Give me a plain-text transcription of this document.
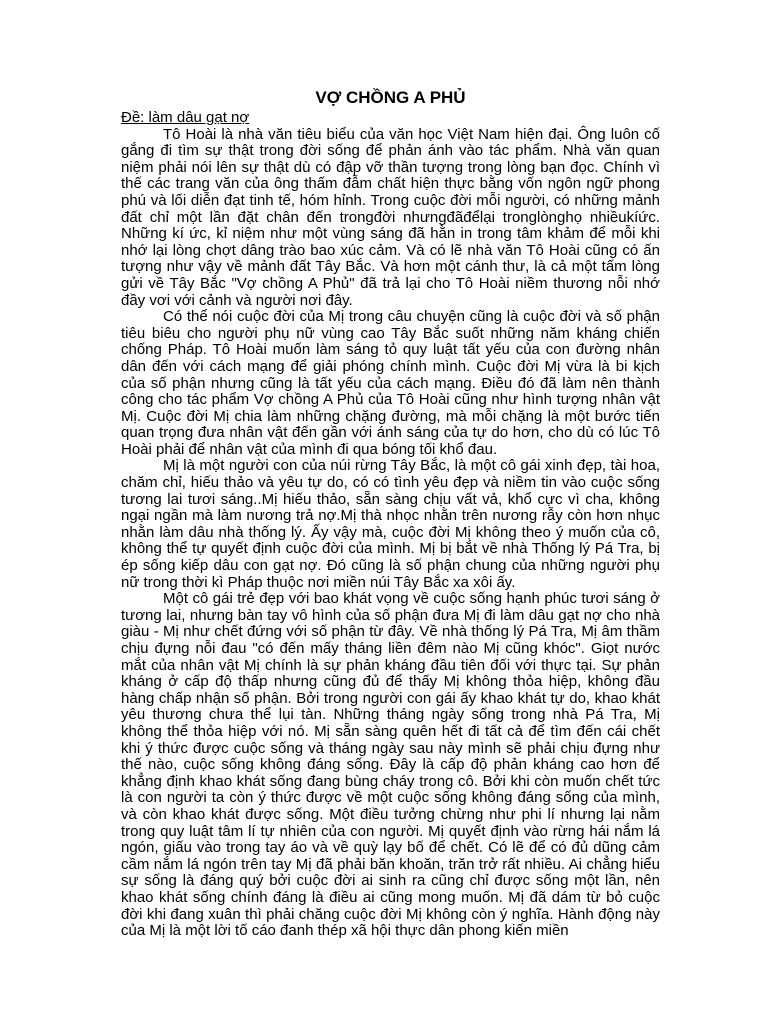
VỢ CHỒNG A PHỦ
Đề: làm dâu gạt nợ

Tô Hoài là nhà văn tiêu biểu của văn học Việt Nam hiện đại. Ông luôn cố gắng đi tìm sự thật trong đời sống để phản ánh vào tác phẩm. Nhà văn quan niệm phải nói lên sự thật dù có đập vỡ thần tượng trong lòng bạn đọc. Chính vì thế các trang văn của ông thấm đẫm chất hiện thực bằng vốn ngôn ngữ phong phú và lối diễn đạt tinh tế, hóm hỉnh. Trong cuộc đời mỗi người, có những mảnh đất chỉ một lần đặt chân đến trongđời nhưngđãđểlại tronglònghọ nhiềukíức. Những kí ức, kỉ niệm như một vùng sáng đã hằn in trong tâm khảm để mỗi khi nhớ lại lòng chợt dâng trào bao xúc cảm. Và có lẽ nhà văn Tô Hoài cũng có ấn tượng như vậy về mảnh đất Tây Bắc. Và hơn một cánh thư, là cả một tấm lòng gửi về Tây Bắc "Vợ chồng A Phủ" đã trả lại cho Tô Hoài niềm thương nỗi nhớ đầy vơi với cảnh và người nơi đây.

Có thể nói cuộc đời của Mị trong câu chuyện cũng là cuộc đời và số phận tiêu biêu cho người phụ nữ vùng cao Tây Bắc suốt những năm kháng chiến chống Pháp. Tô Hoài muốn làm sáng tỏ quy luật tất yếu của con đường nhân dân đến với cách mạng để giải phóng chính mình. Cuộc đời Mị vừa là bi kịch của số phận nhưng cũng là tất yếu của cách mạng. Điều đó đã làm nên thành công cho tác phẩm Vợ chồng A Phủ của Tô Hoài cũng như hình tượng nhân vật Mị. Cuộc đời Mị chia làm những chặng đường, mà mỗi chặng là một bước tiến quan trọng đưa nhân vật đến gần với ánh sáng của tự do hơn, cho dù có lúc Tô Hoài phải để nhân vật của mình đi qua bóng tối khổ đau.

Mị là một người con của núi rừng Tây Bắc, là một cô gái xinh đẹp, tài hoa, chăm chỉ, hiếu thảo và yêu tự do, có có tình yêu đẹp và niềm tin vào cuộc sống tương lai tươi sáng..Mị hiếu thảo, sẵn sàng chịu vất vả, khổ cực vì cha, không ngại ngần mà làm nương trả nợ.Mị thà nhọc nhằn trên nương rẫy còn hơn nhục nhằn làm dâu nhà thống lý. Ấy vậy mà, cuộc đời Mị không theo ý muốn của cô, không thể tự quyết định cuộc đời của mình. Mị bị bắt về nhà Thống lý Pá Tra, bị ép sống kiếp dâu con gạt nợ. Đó cũng là số phận chung của những người phụ nữ trong thời kì Pháp thuộc nơi miền núi Tây Bắc xa xôi ấy.

Một cô gái trẻ đẹp với bao khát vọng về cuộc sống hạnh phúc tươi sáng ở tương lai, nhưng bàn tay vô hình của số phận đưa Mị đi làm dâu gạt nợ cho nhà giàu - Mị như chết đứng với số phận từ đây. Về nhà thống lý Pá Tra, Mị âm thầm chịu đựng nỗi đau "có đến mấy tháng liền đêm nào Mị cũng khóc". Giọt nước mắt của nhân vật Mị chính là sự phản kháng đầu tiên đối với thực tại. Sự phản kháng ở cấp độ thấp nhưng cũng đủ để thấy Mị không thỏa hiệp, không đầu hàng chấp nhận số phận. Bởi trong người con gái ấy khao khát tự do, khao khát yêu thương chưa thể lụi tàn. Những tháng ngày sống trong nhà Pá Tra, Mị không thể thỏa hiệp với nó. Mị sẵn sàng quên hết đi tất cả để tìm đến cái chết khi ý thức được cuộc sống và tháng ngày sau này mình sẽ phải chịu đựng như thế nào, cuộc sống không đáng sống. Đây là cấp độ phản kháng cao hơn để khẳng định khao khát sống đang bùng cháy trong cô. Bởi khi còn muốn chết tức là con người ta còn ý thức được về một cuộc sống không đáng sống của mình, và còn khao khát được sống. Một điều tưởng chừng như phi lí nhưng lại nằm trong quy luật tâm lí tự nhiên của con người. Mị quyết định vào rừng hái nắm lá ngón, giấu vào trong tay áo và về quỳ lạy bố để chết. Có lẽ để có đủ dũng cảm cầm nắm lá ngón trên tay Mị đã phải băn khoăn, trăn trở rất nhiều. Ai chẳng hiểu sự sống là đáng quý bởi cuộc đời ai sinh ra cũng chỉ được sống một lần, nên khao khát sống chính đáng là điều ai cũng mong muốn. Mị đã dám từ bỏ cuộc đời khi đang xuân thì phải chăng cuộc đời Mị không còn ý nghĩa. Hành động này của Mị là một lời tố cáo đanh thép xã hội thực dân phong kiến miền
